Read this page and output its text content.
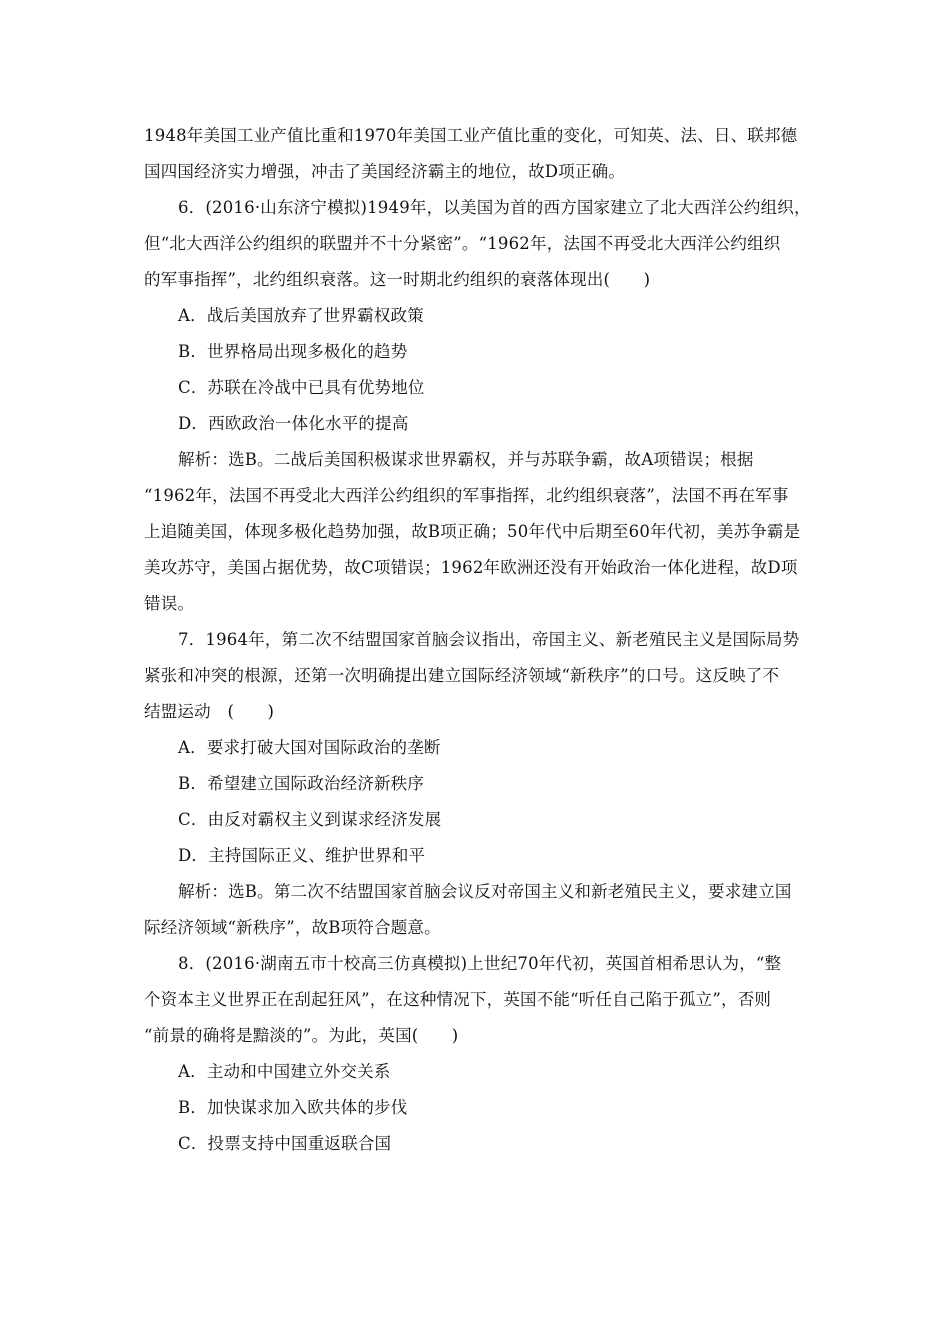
1948年美国工业产值比重和1970年美国工业产值比重的变化，可知英、法、日、联邦德
国四国经济实力增强，冲击了美国经济霸主的地位，故D项正确。
6．(2016·山东济宁模拟)1949年，以美国为首的西方国家建立了北大西洋公约组织，
但“北大西洋公约组织的联盟并不十分紧密”。“1962年，法国不再受北大西洋公约组织
的军事指挥”，北约组织衰落。这一时期北约组织的衰落体现出(　　)
A．战后美国放弃了世界霸权政策
B．世界格局出现多极化的趋势
C．苏联在冷战中已具有优势地位
D．西欧政治一体化水平的提高
解析：选B。二战后美国积极谋求世界霸权，并与苏联争霸，故A项错误；根据
“1962年，法国不再受北大西洋公约组织的军事指挥，北约组织衰落”，法国不再在军事
上追随美国，体现多极化趋势加强，故B项正确；50年代中后期至60年代初，美苏争霸是
美攻苏守，美国占据优势，故C项错误；1962年欧洲还没有开始政治一体化进程，故D项
错误。
7．1964年，第二次不结盟国家首脑会议指出，帝国主义、新老殖民主义是国际局势
紧张和冲突的根源，还第一次明确提出建立国际经济领域“新秩序”的口号。这反映了不
结盟运动　(　　)
A．要求打破大国对国际政治的垄断
B．希望建立国际政治经济新秩序
C．由反对霸权主义到谋求经济发展
D．主持国际正义、维护世界和平
解析：选B。第二次不结盟国家首脑会议反对帝国主义和新老殖民主义，要求建立国
际经济领域“新秩序”，故B项符合题意。
8．(2016·湖南五市十校高三仿真模拟)上世纪70年代初，英国首相希思认为，“整
个资本主义世界正在刮起狂风”，在这种情况下，英国不能“听任自己陷于孤立”，否则
“前景的确将是黯淡的”。为此，英国(　　)
A．主动和中国建立外交关系
B．加快谋求加入欧共体的步伐
C．投票支持中国重返联合国
